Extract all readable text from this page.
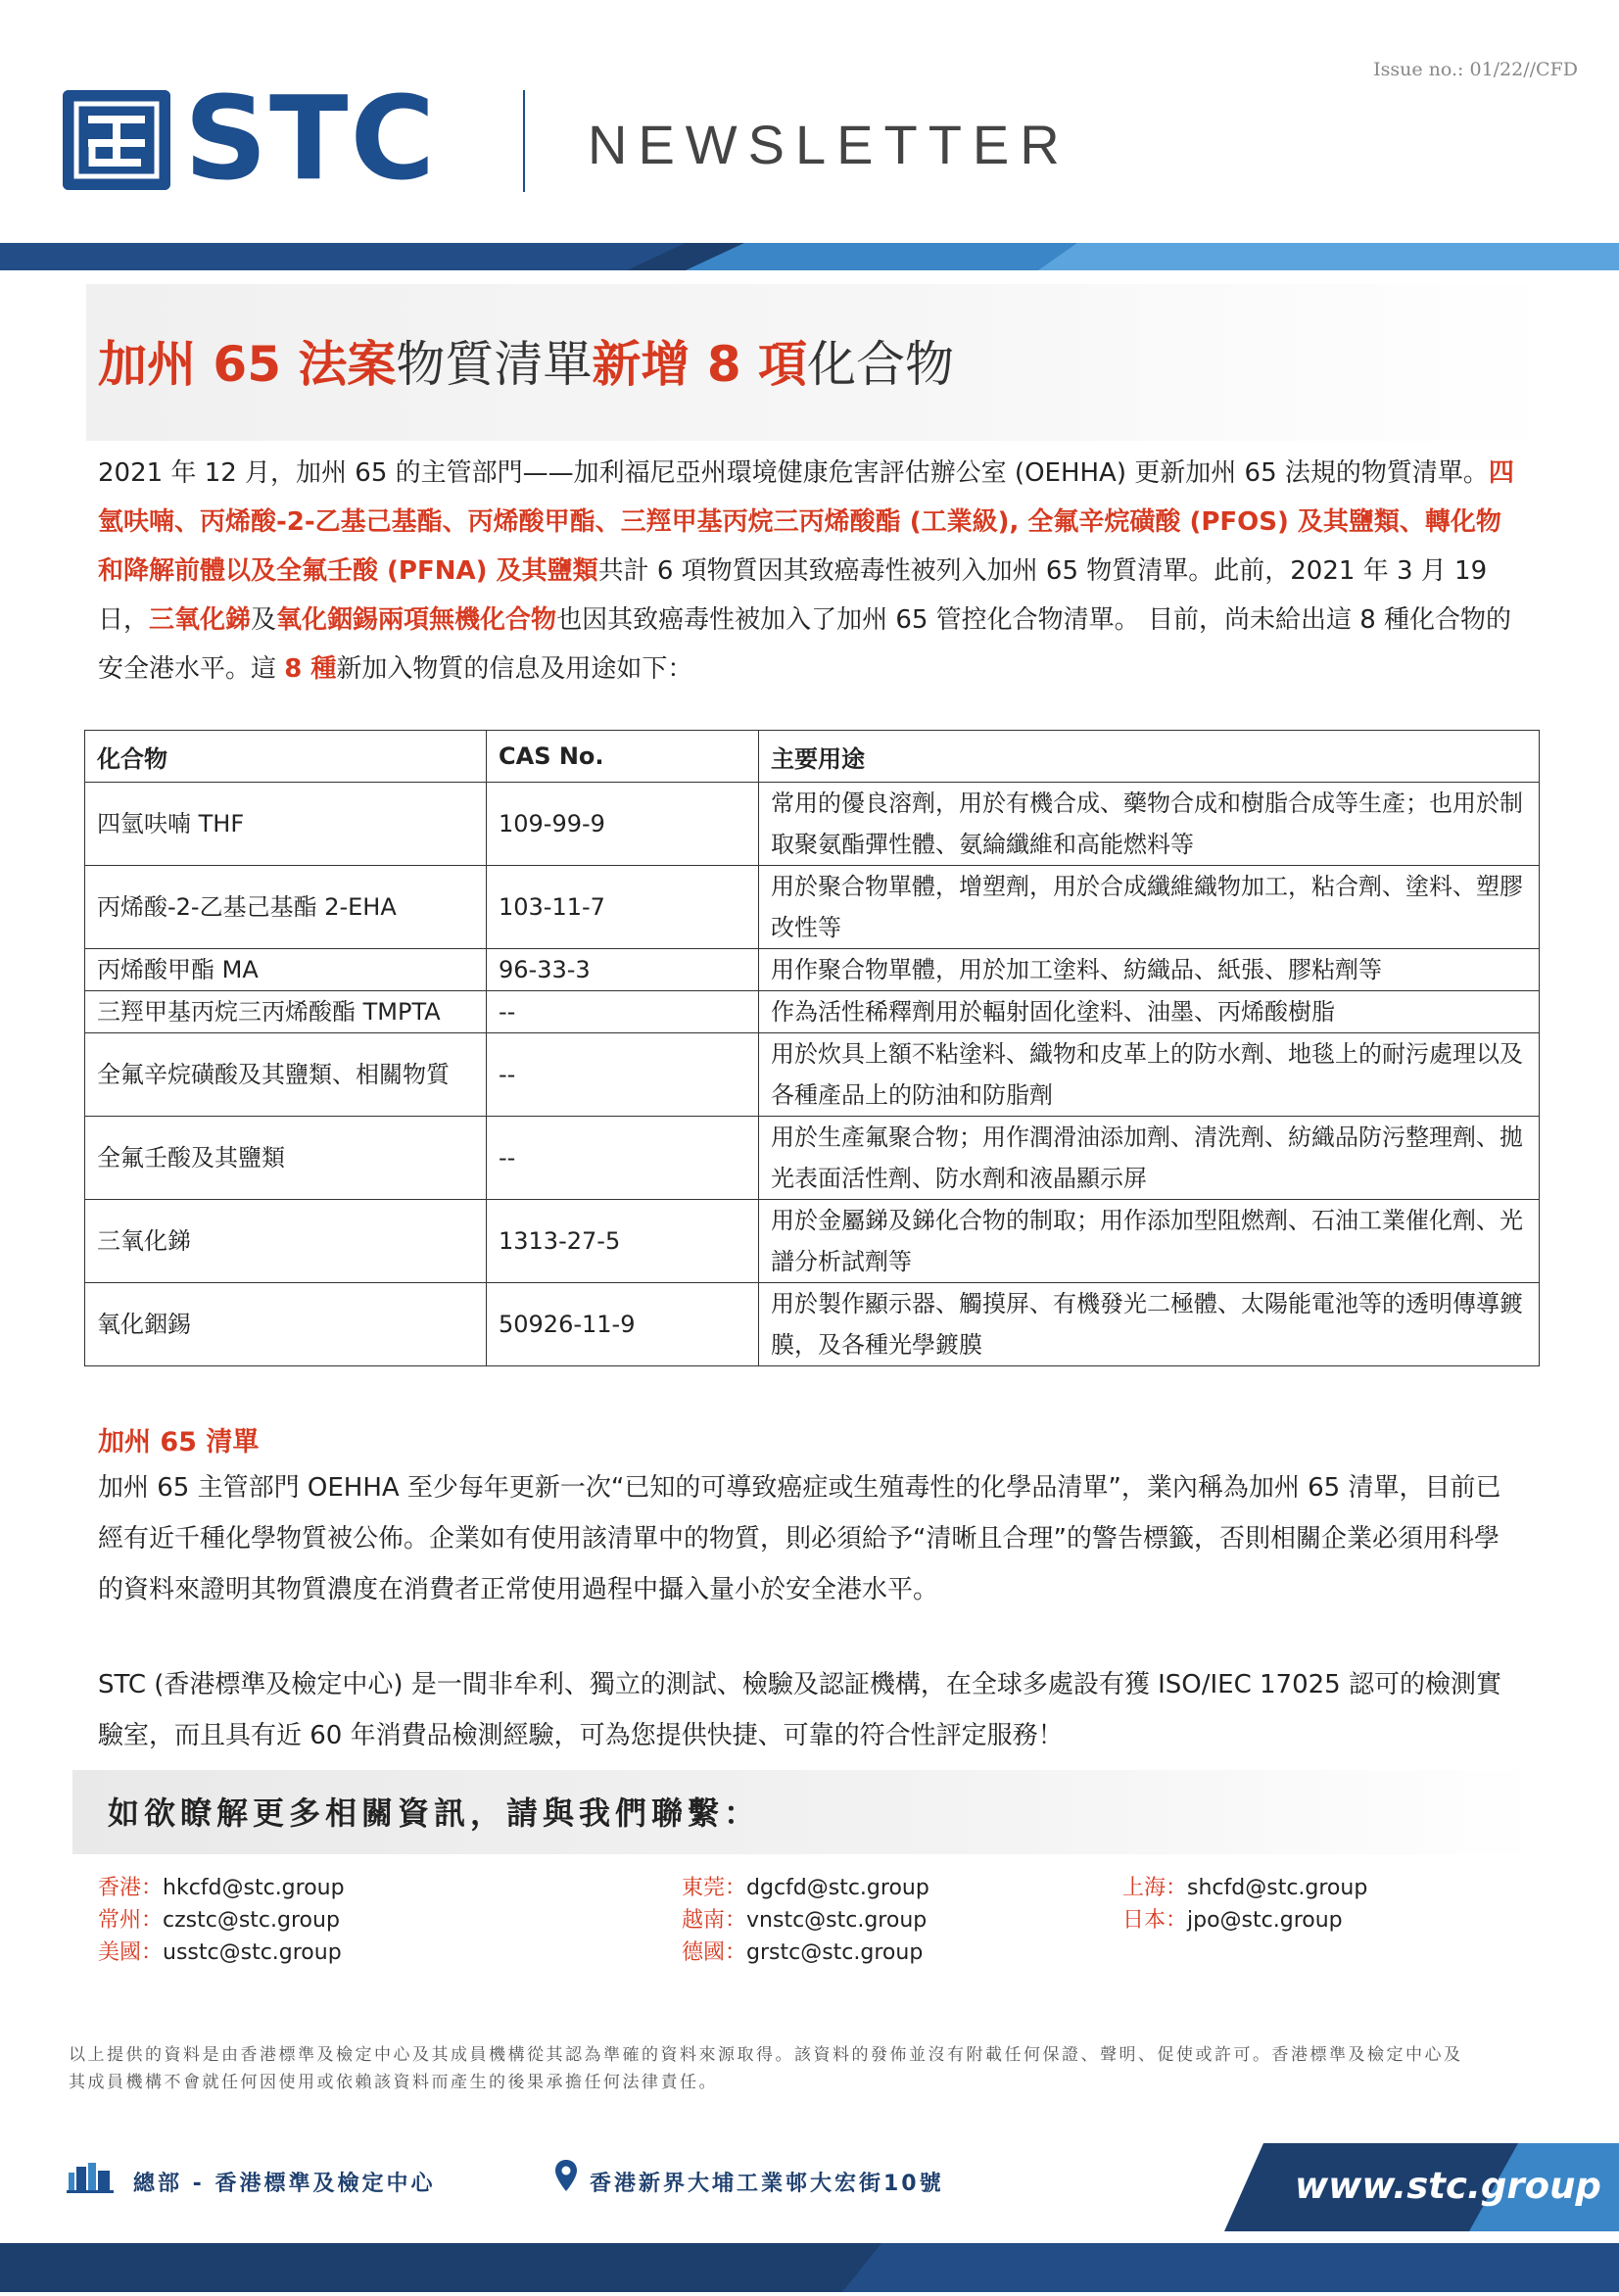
Issue no.: 01/22//CFD
STC	NEWSLETTER
加州 65 法案物質清單新增 8 項化合物
2021 年 12 月，加州 65 的主管部門——加利福尼亞州環境健康危害評估辦公室 (OEHHA) 更新加州 65 法規的物質清單。四氫呋喃、丙烯酸-2-乙基己基酯、丙烯酸甲酯、三羥甲基丙烷三丙烯酸酯 (工業級), 全氟辛烷磺酸 (PFOS) 及其鹽類、轉化物和降解前體以及全氟壬酸 (PFNA) 及其鹽類共計 6 項物質因其致癌毒性被列入加州 65 物質清單。此前，2021 年 3 月 19 日，三氧化銻及氧化銦錫兩項無機化合物也因其致癌毒性被加入了加州 65 管控化合物清單。 目前，尚未給出這 8 種化合物的安全港水平。這 8 種新加入物質的信息及用途如下：
化合物	CAS No.	主要用途
四氫呋喃 THF	109-99-9	常用的優良溶劑，用於有機合成、藥物合成和樹脂合成等生產；也用於制取聚氨酯彈性體、氨綸纖維和高能燃料等
丙烯酸-2-乙基己基酯 2-EHA	103-11-7	用於聚合物單體，增塑劑，用於合成纖維織物加工，粘合劑、塗料、塑膠改性等
丙烯酸甲酯 MA	96-33-3	用作聚合物單體，用於加工塗料、紡織品、紙張、膠粘劑等
三羥甲基丙烷三丙烯酸酯 TMPTA	--	作為活性稀釋劑用於輻射固化塗料、油墨、丙烯酸樹脂
全氟辛烷磺酸及其鹽類、相關物質	--	用於炊具上額不粘塗料、織物和皮革上的防水劑、地毯上的耐污處理以及各種產品上的防油和防脂劑
全氟壬酸及其鹽類	--	用於生產氟聚合物；用作潤滑油添加劑、清洗劑、紡織品防污整理劑、拋光表面活性劑、防水劑和液晶顯示屏
三氧化銻	1313-27-5	用於金屬銻及銻化合物的制取；用作添加型阻燃劑、石油工業催化劑、光譜分析試劑等
氧化銦錫	50926-11-9	用於製作顯示器、觸摸屏、有機發光二極體、太陽能電池等的透明傳導鍍膜，及各種光學鍍膜
加州 65 清單
加州 65 主管部門 OEHHA 至少每年更新一次“已知的可導致癌症或生殖毒性的化學品清單”，業內稱為加州 65 清單，目前已經有近千種化學物質被公佈。企業如有使用該清單中的物質，則必須給予“清晰且合理”的警告標籤，否則相關企業必須用科學的資料來證明其物質濃度在消費者正常使用過程中攝入量小於安全港水平。
STC (香港標準及檢定中心) 是一間非牟利、獨立的測試、檢驗及認証機構，在全球多處設有獲 ISO/IEC 17025 認可的檢測實驗室，而且具有近 60 年消費品檢測經驗，可為您提供快捷、可靠的符合性評定服務！
如欲瞭解更多相關資訊，請與我們聯繫：
香港：hkcfd@stc.group
常州：czstc@stc.group
美國：usstc@stc.group
東莞：dgcfd@stc.group
越南：vnstc@stc.group
德國：grstc@stc.group
上海：shcfd@stc.group
日本：jpo@stc.group
以上提供的資料是由香港標準及檢定中心及其成員機構從其認為準確的資料來源取得。該資料的發佈並沒有附載任何保證、聲明、促使或許可。香港標準及檢定中心及其成員機構不會就任何因使用或依賴該資料而產生的後果承擔任何法律責任。
總部 - 香港標準及檢定中心	香港新界大埔工業邨大宏街10號	www.stc.group
